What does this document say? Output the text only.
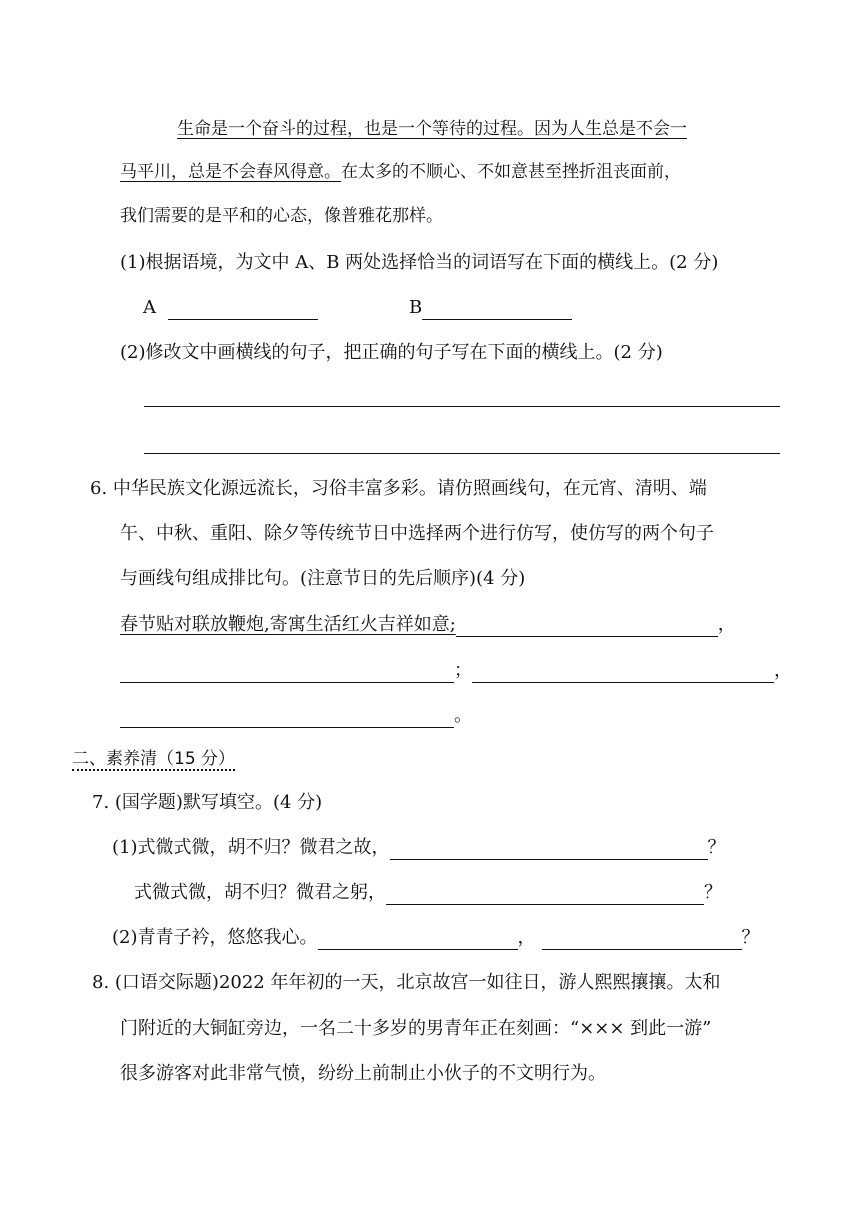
生命是一个奋斗的过程，也是一个等待的过程。因为人生总是不会一
马平川，总是不会春风得意。在太多的不顺心、不如意甚至挫折沮丧面前，
我们需要的是平和的心态，像普雅花那样。
(1)根据语境，为文中 A、B 两处选择恰当的词语写在下面的横线上。(2 分)
A	B
(2)修改文中画横线的句子，把正确的句子写在下面的横线上。(2 分)
6. 中华民族文化源远流长，习俗丰富多彩。请仿照画线句，在元宵、清明、端
午、中秋、重阳、除夕等传统节日中选择两个进行仿写，使仿写的两个句子
与画线句组成排比句。(注意节日的先后顺序)(4 分)
春节贴对联放鞭炮,寄寓生活红火吉祥如意;	，
；	，
。
二、素养清（15 分）
7. (国学题)默写填空。(4 分)
(1)式微式微，胡不归？微君之故，	？
式微式微，胡不归？微君之躬，	？
(2)青青子衿，悠悠我心。	，	？
8. (口语交际题)2022 年年初的一天，北京故宫一如往日，游人熙熙攘攘。太和
门附近的大铜缸旁边，一名二十多岁的男青年正在刻画：“××× 到此一游”
很多游客对此非常气愤，纷纷上前制止小伙子的不文明行为。
